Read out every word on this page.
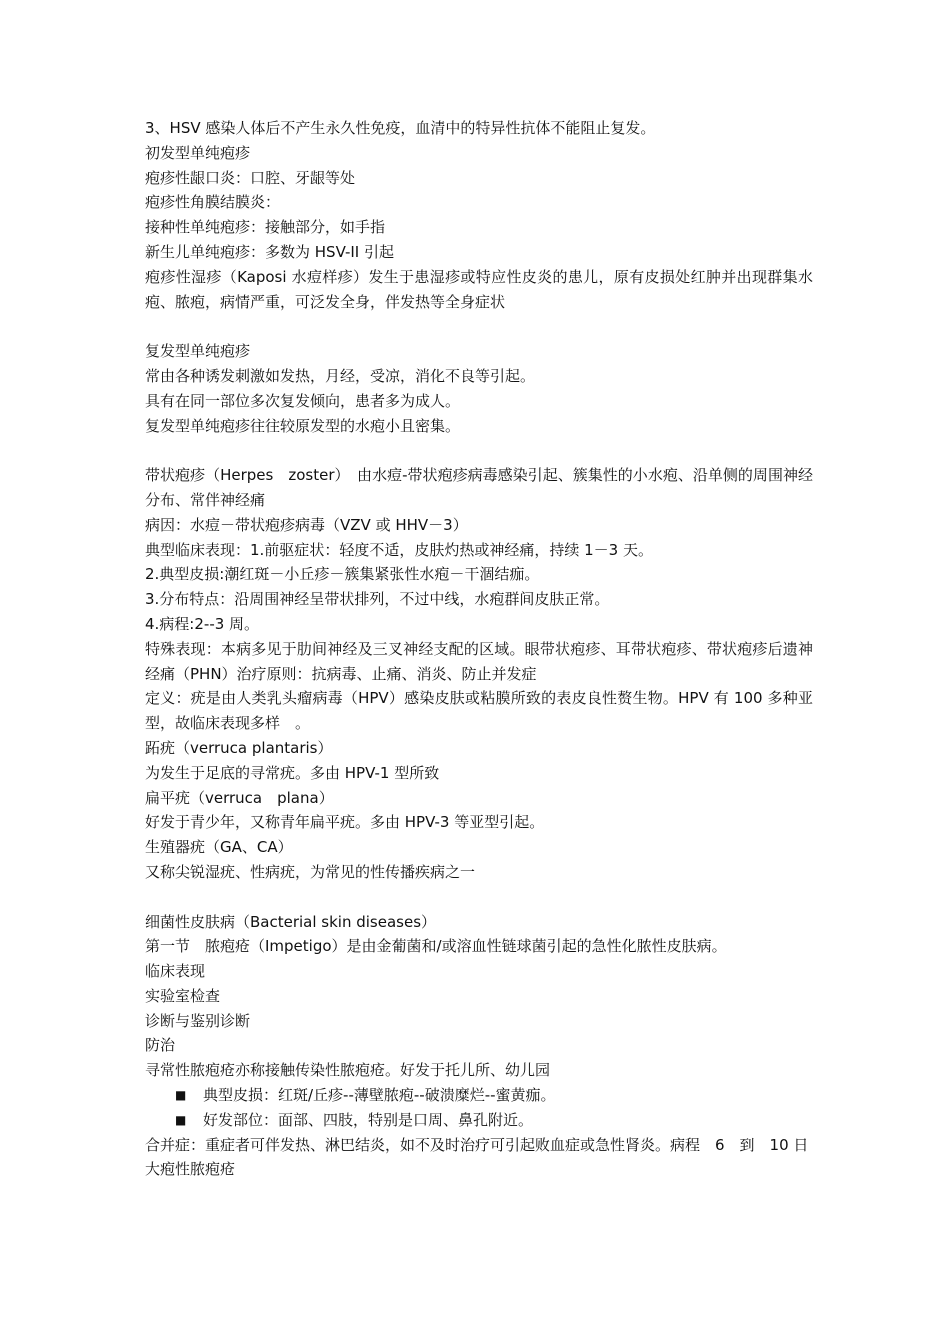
3、HSV 感染人体后不产生永久性免疫，血清中的特异性抗体不能阻止复发。

初发型单纯疱疹

疱疹性龈口炎：口腔、牙龈等处

疱疹性角膜结膜炎：

接种性单纯疱疹：接触部分，如手指

新生儿单纯疱疹：多数为 HSV-II 引起

疱疹性湿疹（Kaposi 水痘样疹）发生于患湿疹或特应性皮炎的患儿，原有皮损处红肿并出现群集水疱、脓疱，病情严重，可泛发全身，伴发热等全身症状

复发型单纯疱疹

常由各种诱发刺激如发热，月经，受凉，消化不良等引起。

具有在同一部位多次复发倾向，患者多为成人。

复发型单纯疱疹往往较原发型的水疱小且密集。

带状疱疹（Herpes　zoster）　由水痘-带状疱疹病毒感染引起、簇集性的小水疱、沿单侧的周围神经分布、常伴神经痛

病因：水痘－带状疱疹病毒（VZV 或 HHV－3）

典型临床表现：1.前驱症状：轻度不适，皮肤灼热或神经痛，持续 1－3 天。

2.典型皮损:潮红斑－小丘疹－簇集紧张性水疱－干涸结痂。

3.分布特点：沿周围神经呈带状排列，不过中线，水疱群间皮肤正常。

4.病程:2--3 周。

特殊表现：本病多见于肋间神经及三叉神经支配的区域。眼带状疱疹、耳带状疱疹、带状疱疹后遗神经痛（PHN）治疗原则：抗病毒、止痛、消炎、防止并发症

定义：疣是由人类乳头瘤病毒（HPV）感染皮肤或粘膜所致的表皮良性赘生物。HPV 有 100 多种亚型，故临床表现多样　。

跖疣（verruca plantaris）

为发生于足底的寻常疣。多由 HPV-1 型所致

扁平疣（verruca　plana）

好发于青少年，又称青年扁平疣。多由 HPV-3 等亚型引起。

生殖器疣（GA、CA）

又称尖锐湿疣、性病疣，为常见的性传播疾病之一

细菌性皮肤病（Bacterial skin diseases）

第一节　脓疱疮（Impetigo）是由金葡菌和/或溶血性链球菌引起的急性化脓性皮肤病。

临床表现

实验室检查

诊断与鉴别诊断

防治

寻常性脓疱疮亦称接触传染性脓疱疮。好发于托儿所、幼儿园

■	典型皮损：红斑/丘疹--薄壁脓疱--破溃糜烂--蜜黄痂。
■	好发部位：面部、四肢，特别是口周、鼻孔附近。

合并症：重症者可伴发热、淋巴结炎，如不及时治疗可引起败血症或急性肾炎。病程　6　到　10 日

大疱性脓疱疮
